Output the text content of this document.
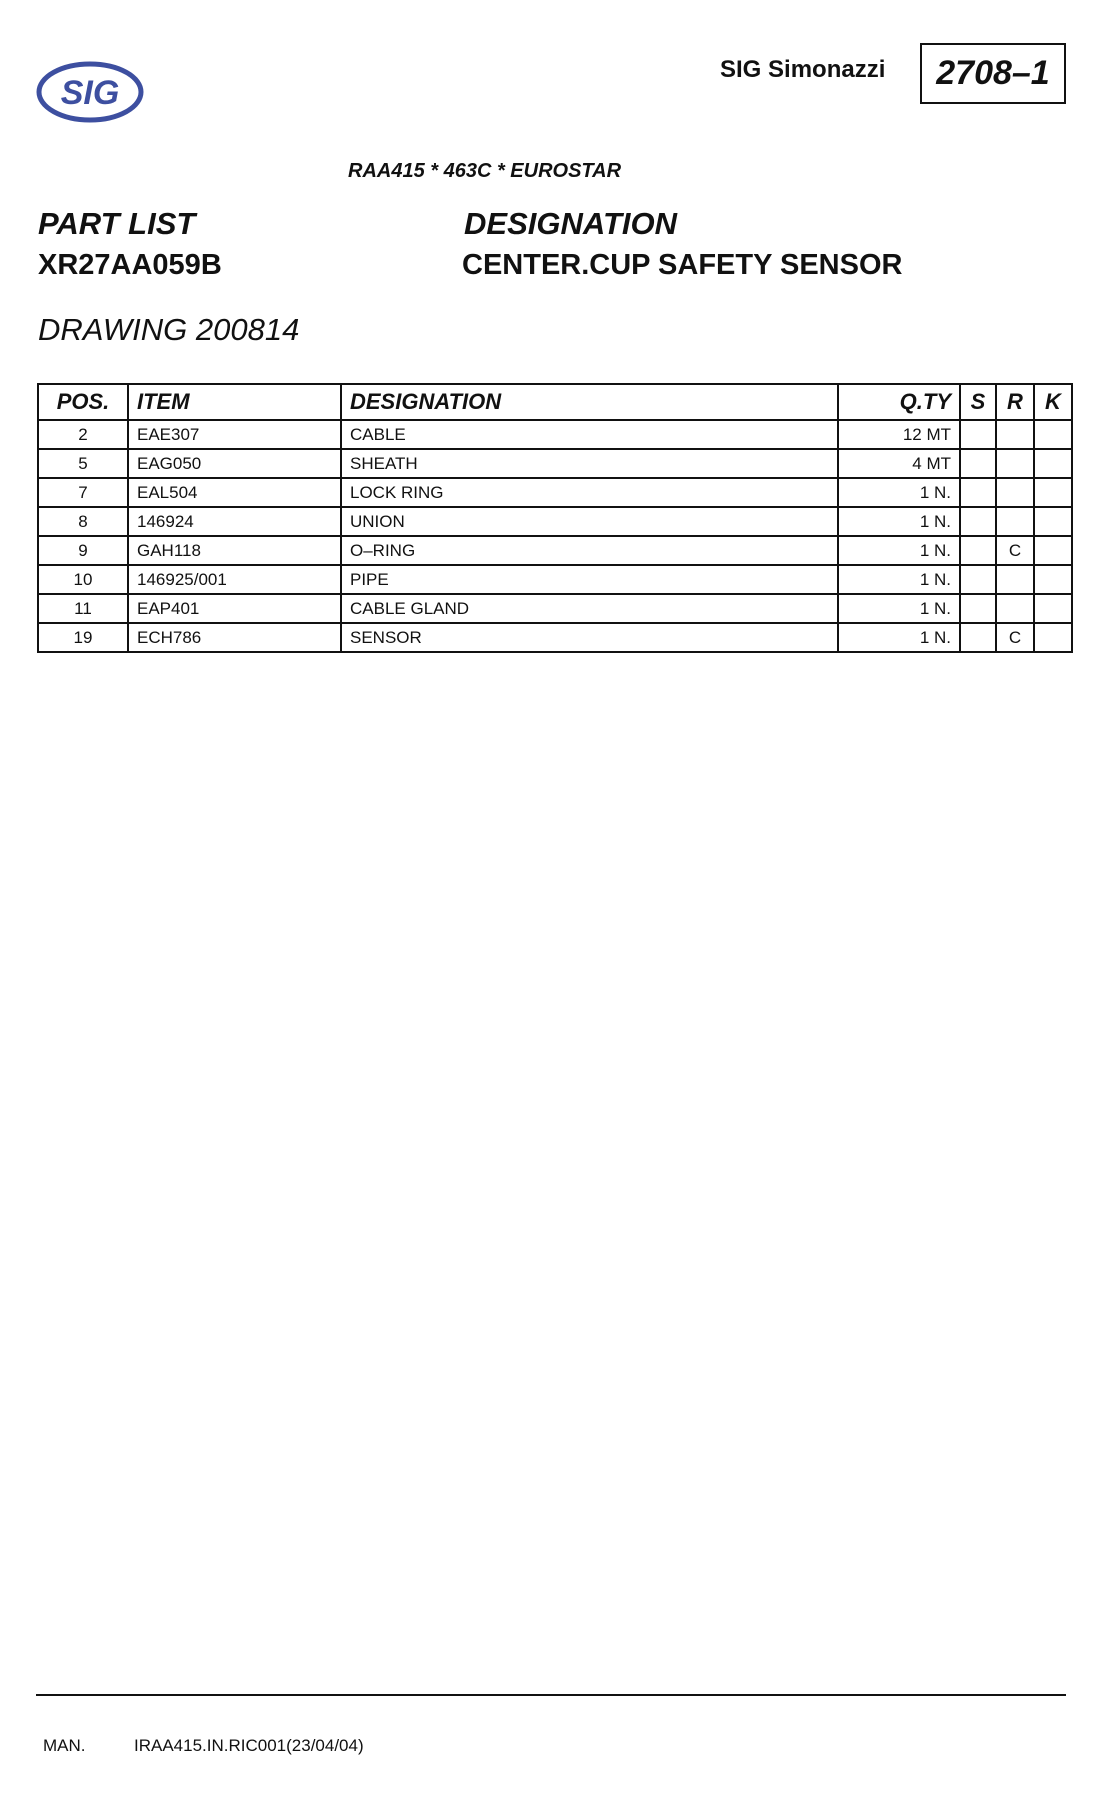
SIG
SIG Simonazzi	2708–1
RAA415 * 463C * EUROSTAR
PART LIST
XR27AA059B
DESIGNATION
CENTER.CUP SAFETY SENSOR
DRAWING 200814
POS.	ITEM	DESIGNATION	Q.TY	S	R	K
2	EAE307	CABLE	12 MT			
5	EAG050	SHEATH	4 MT			
7	EAL504	LOCK RING	1 N.			
8	146924	UNION	1 N.			
9	GAH118	O–RING	1 N.		C	
10	146925/001	PIPE	1 N.			
11	EAP401	CABLE GLAND	1 N.			
19	ECH786	SENSOR	1 N.		C	
MAN.	IRAA415.IN.RIC001(23/04/04)
